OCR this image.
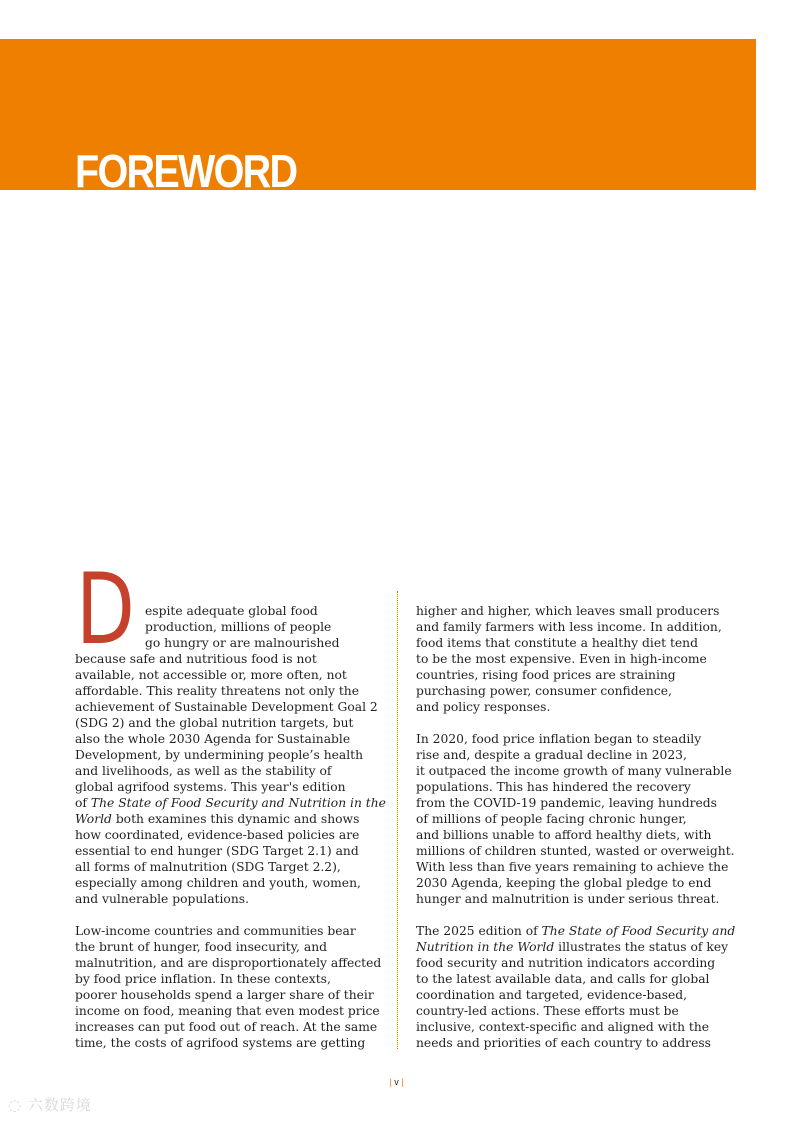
FOREWORD
D espite adequate global food
production, millions of people
go hungry or are malnourished
because safe and nutritious food is not
available, not accessible or, more often, not
affordable. This reality threatens not only the
achievement of Sustainable Development Goal 2
(SDG 2) and the global nutrition targets, but
also the whole 2030 Agenda for Sustainable
Development, by undermining people’s health
and livelihoods, as well as the stability of
global agrifood systems. This year's edition
of The State of Food Security and Nutrition in the
World both examines this dynamic and shows
how coordinated, evidence-based policies are
essential to end hunger (SDG Target 2.1) and
all forms of malnutrition (SDG Target 2.2),
especially among children and youth, women,
and vulnerable populations.

Low-income countries and communities bear
the brunt of hunger, food insecurity, and
malnutrition, and are disproportionately affected
by food price inflation. In these contexts,
poorer households spend a larger share of their
income on food, meaning that even modest price
increases can put food out of reach. At the same
time, the costs of agrifood systems are getting

higher and higher, which leaves small producers
and family farmers with less income. In addition,
food items that constitute a healthy diet tend
to be the most expensive. Even in high-income
countries, rising food prices are straining
purchasing power, consumer confidence,
and policy responses.

In 2020, food price inflation began to steadily
rise and, despite a gradual decline in 2023,
it outpaced the income growth of many vulnerable
populations. This has hindered the recovery
from the COVID-19 pandemic, leaving hundreds
of millions of people facing chronic hunger,
and billions unable to afford healthy diets, with
millions of children stunted, wasted or overweight.
With less than five years remaining to achieve the
2030 Agenda, keeping the global pledge to end
hunger and malnutrition is under serious threat.

The 2025 edition of The State of Food Security and
Nutrition in the World illustrates the status of key
food security and nutrition indicators according
to the latest available data, and calls for global
coordination and targeted, evidence-based,
country-led actions. These efforts must be
inclusive, context-specific and aligned with the
needs and priorities of each country to address

| v |
◌ 六数跨境
